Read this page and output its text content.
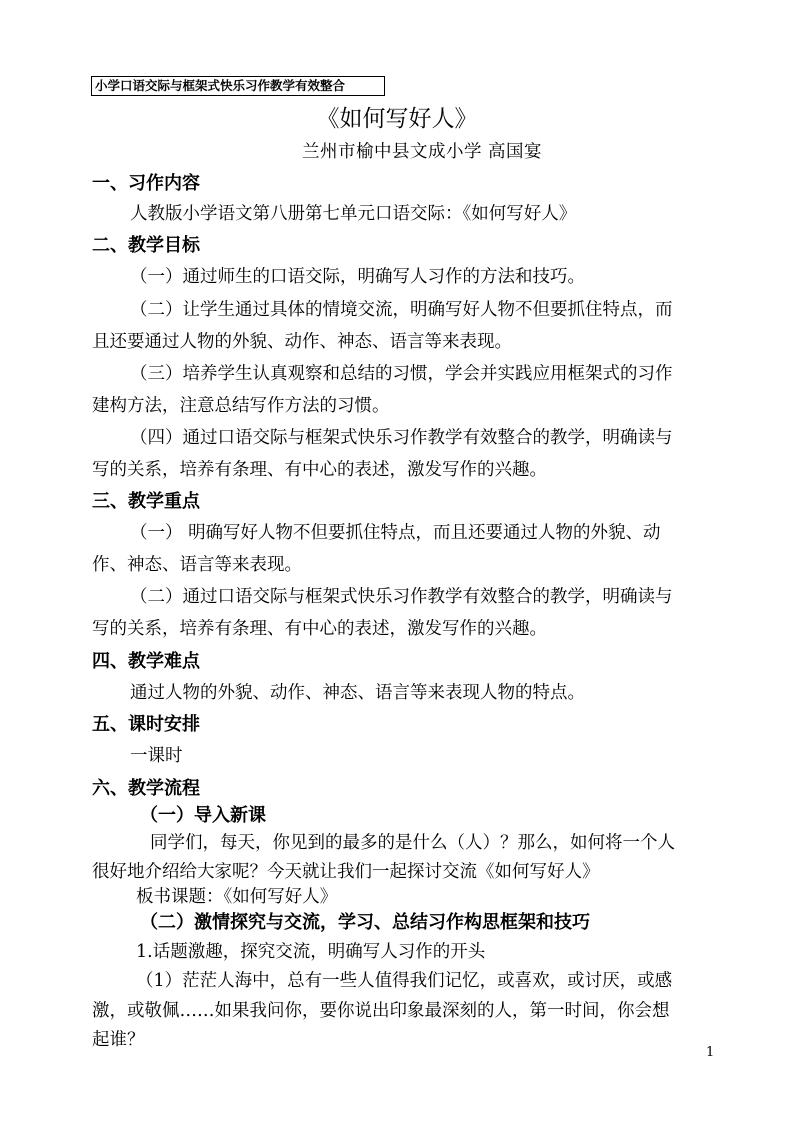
小学口语交际与框架式快乐习作教学有效整合
《如何写好人》
兰州市榆中县文成小学 高国宴
一、习作内容
人教版小学语文第八册第七单元口语交际：《如何写好人》
二、教学目标
（一）通过师生的口语交际，明确写人习作的方法和技巧。
（二）让学生通过具体的情境交流，明确写好人物不但要抓住特点，而
且还要通过人物的外貌、动作、神态、语言等来表现。
（三）培养学生认真观察和总结的习惯，学会并实践应用框架式的习作
建构方法，注意总结写作方法的习惯。
（四）通过口语交际与框架式快乐习作教学有效整合的教学，明确读与
写的关系，培养有条理、有中心的表述，激发写作的兴趣。
三、教学重点
（一） 明确写好人物不但要抓住特点，而且还要通过人物的外貌、动
作、神态、语言等来表现。
（二）通过口语交际与框架式快乐习作教学有效整合的教学，明确读与
写的关系，培养有条理、有中心的表述，激发写作的兴趣。
四、教学难点
通过人物的外貌、动作、神态、语言等来表现人物的特点。
五、课时安排
一课时
六、教学流程
（一）导入新课
同学们，每天，你见到的最多的是什么（人）？那么，如何将一个人
很好地介绍给大家呢？今天就让我们一起探讨交流《如何写好人》
板书课题：《如何写好人》
（二）激情探究与交流，学习、总结习作构思框架和技巧
1.话题激趣，探究交流，明确写人习作的开头
（1）茫茫人海中，总有一些人值得我们记忆，或喜欢，或讨厌，或感
激，或敬佩……如果我问你，要你说出印象最深刻的人，第一时间，你会想
起谁？
1
